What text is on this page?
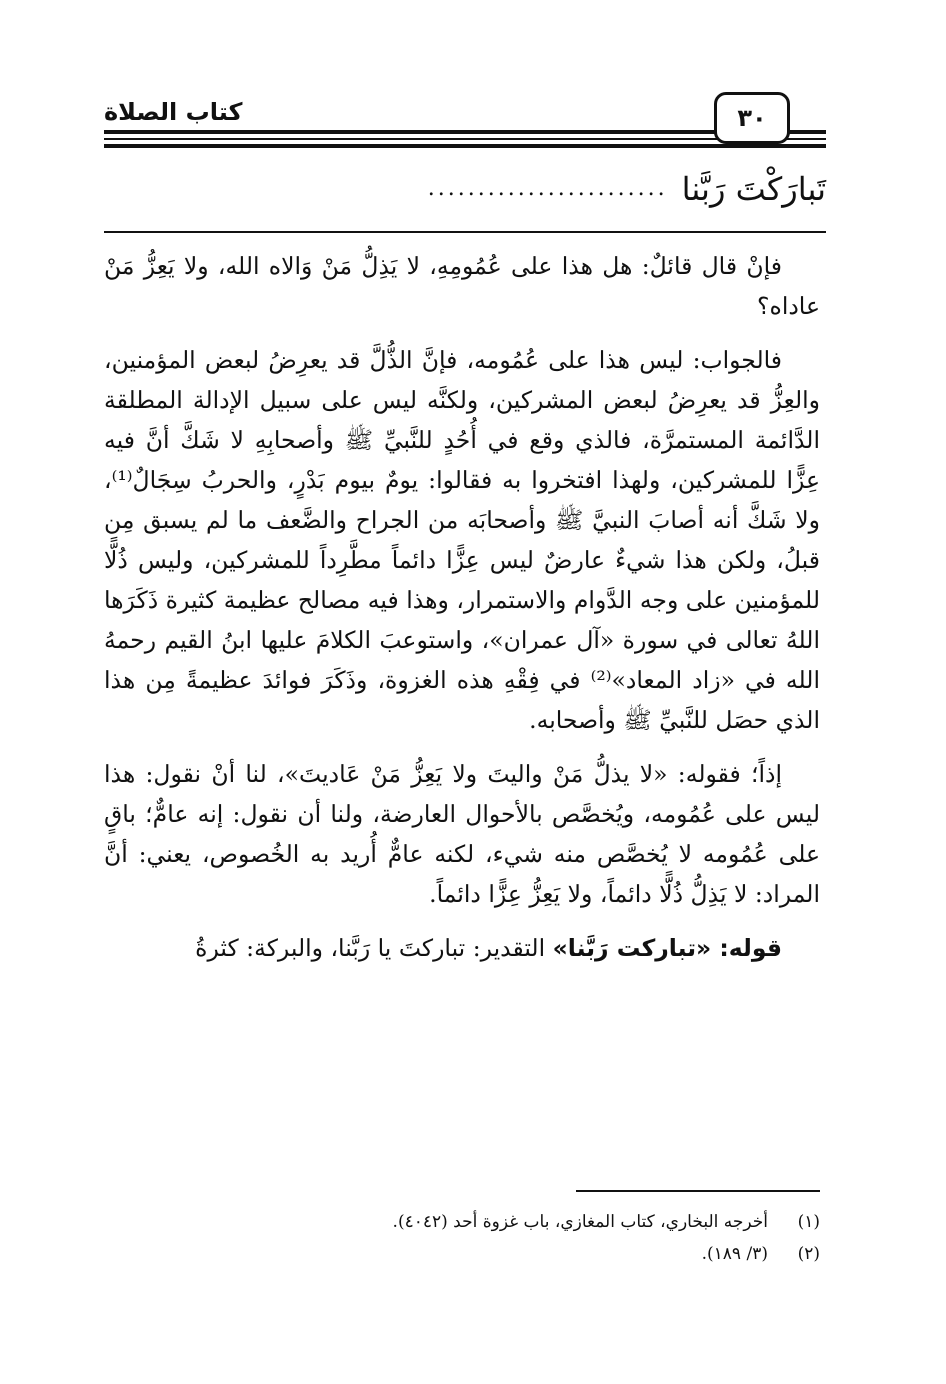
كتاب الصلاة	٣٠
تَبارَكْتَ رَبَّنا
........................

فإنْ قال قائلٌ: هل هذا على عُمُومِهِ، لا يَذِلُّ مَنْ وَالاه الله، ولا يَعِزُّ مَنْ عاداه؟

فالجواب: ليس هذا على عُمُومه، فإنَّ الذُّلَّ قد يعرِضُ لبعض المؤمنين، والعِزُّ قد يعرِضُ لبعض المشركين، ولكنَّه ليس على سبيل الإدالة المطلقة الدَّائمة المستمرَّة، فالذي وقع في أُحُدٍ للنَّبيِّ ﷺ وأصحابِهِ لا شَكَّ أنَّ فيه عِزًّا للمشركين، ولهذا افتخروا به فقالوا: يومٌ بيوم بَدْرٍ، والحربُ سِجَالٌ⁽¹⁾، ولا شَكَّ أنه أصابَ النبيَّ ﷺ وأصحابَه من الجراح والضَّعف ما لم يسبق مِن قبلُ، ولكن هذا شيءٌ عارضٌ ليس عِزًّا دائماً مطَّرِداً للمشركين، وليس ذُلًّا للمؤمنين على وجه الدَّوام والاستمرار، وهذا فيه مصالح عظيمة كثيرة ذَكَرَها اللهُ تعالى في سورة «آل عمران»، واستوعبَ الكلامَ عليها ابنُ القيم رحمهُ الله في «زاد المعاد»⁽²⁾ في فِقْهِ هذه الغزوة، وذَكَرَ فوائدَ عظيمةً مِن هذا الذي حصَل للنَّبيِّ ﷺ وأصحابه.

إذاً؛ فقوله: «لا يذلُّ مَنْ واليتَ ولا يَعِزُّ مَنْ عَاديتَ»، لنا أنْ نقول: هذا ليس على عُمُومه، ويُخصَّص بالأحوال العارضة، ولنا أن نقول: إنه عامٌّ؛ باقٍ على عُمُومه لا يُخصَّص منه شيء، لكنه عامٌّ أُريد به الخُصوص، يعني: أنَّ المراد: لا يَذِلُّ ذُلًّا دائماً، ولا يَعِزُّ عِزًّا دائماً.

قوله: «تباركت رَبَّنا» التقدير: تباركتَ يا رَبَّنا، والبركة: كثرةُ

(١)
أخرجه البخاري، كتاب المغازي، باب غزوة أحد (٤٠٤٢).
(٢)
(٣/ ١٨٩).
